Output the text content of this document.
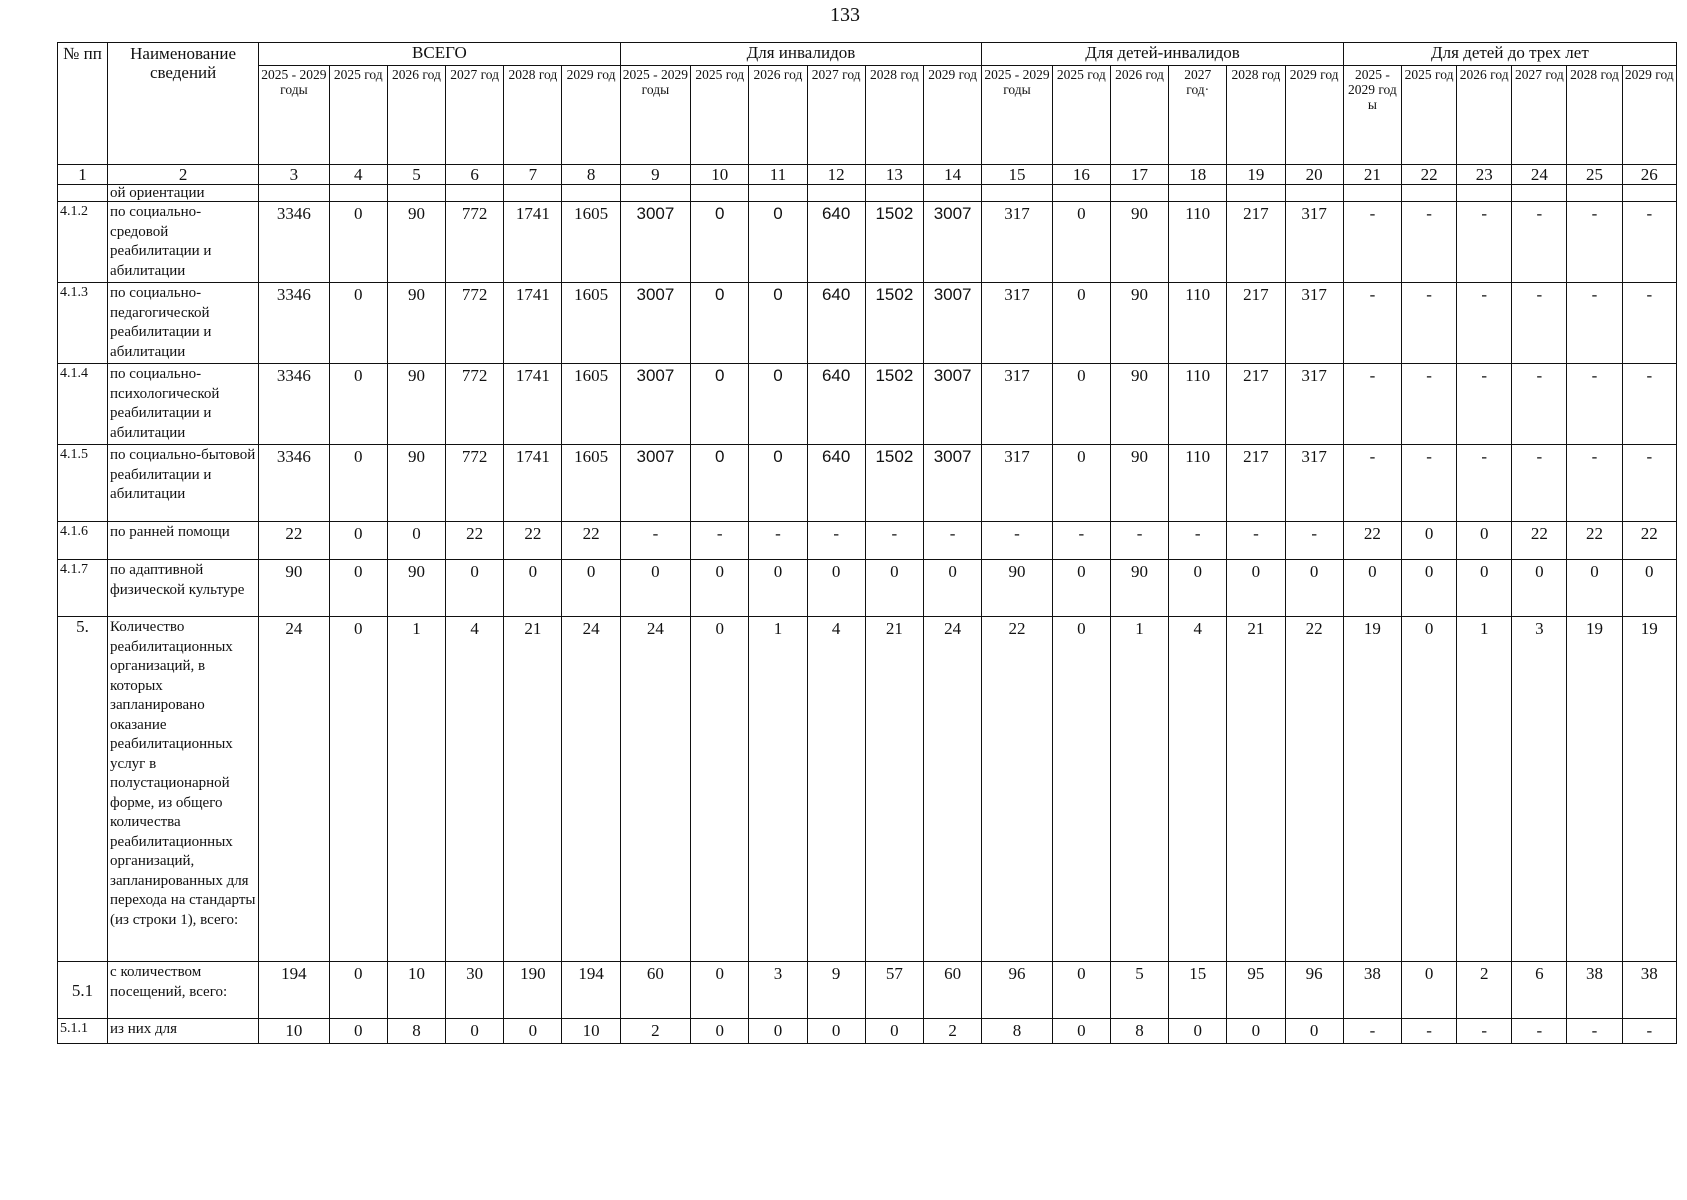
133
№ пп	Наименование сведений	ВСЕГО						Для инвалидов						Для детей-инвалидов						Для детей до трех лет					
		2025 - 2029 годы	2025 год	2026 год	2027 год	2028 год	2029 год	2025 - 2029 годы	2025 год	2026 год	2027 год	2028 год	2029 год	2025 - 2029 годы	2025 год	2026 год	2027 год·	2028 год	2029 год	2025 - 2029 год ы	2025 год	2026 год	2027 год	2028 год	2029 год
1	2	3	4	5	6	7	8	9	10	11	12	13	14	15	16	17	18	19	20	21	22	23	24	25	26
	ой ориентации																								
4.1.2	по социально-средовой реабилитации и абилитации	3346	0	90	772	1741	1605	3007	0	0	640	1502	3007	317	0	90	110	217	317	-	-	-	-	-	-
4.1.3	по социально-педагогической реабилитации и абилитации	3346	0	90	772	1741	1605	3007	0	0	640	1502	3007	317	0	90	110	217	317	-	-	-	-	-	-
4.1.4	по социально-психологической реабилитации и абилитации	3346	0	90	772	1741	1605	3007	0	0	640	1502	3007	317	0	90	110	217	317	-	-	-	-	-	-
4.1.5	по социально-бытовой реабилитации и абилитации	3346	0	90	772	1741	1605	3007	0	0	640	1502	3007	317	0	90	110	217	317	-	-	-	-	-	-
4.1.6	по ранней помощи	22	0	0	22	22	22	-	-	-	-	-	-	-	-	-	-	-	-	22	0	0	22	22	22
4.1.7	по адаптивной физической культуре	90	0	90	0	0	0	0	0	0	0	0	0	90	0	90	0	0	0	0	0	0	0	0	0
5.	Количество реабилитационных организаций, в которых запланировано оказание реабилитационных услуг в полустационарной форме, из общего количества реабилитационных организаций, запланированных для перехода на стандарты (из строки 1), всего:	24	0	1	4	21	24	24	0	1	4	21	24	22	0	1	4	21	22	19	0	1	3	19	19
5.1	с количеством посещений, всего:	194	0	10	30	190	194	60	0	3	9	57	60	96	0	5	15	95	96	38	0	2	6	38	38
5.1.1	из них для	10	0	8	0	0	10	2	0	0	0	0	2	8	0	8	0	0	0	-	-	-	-	-	-
